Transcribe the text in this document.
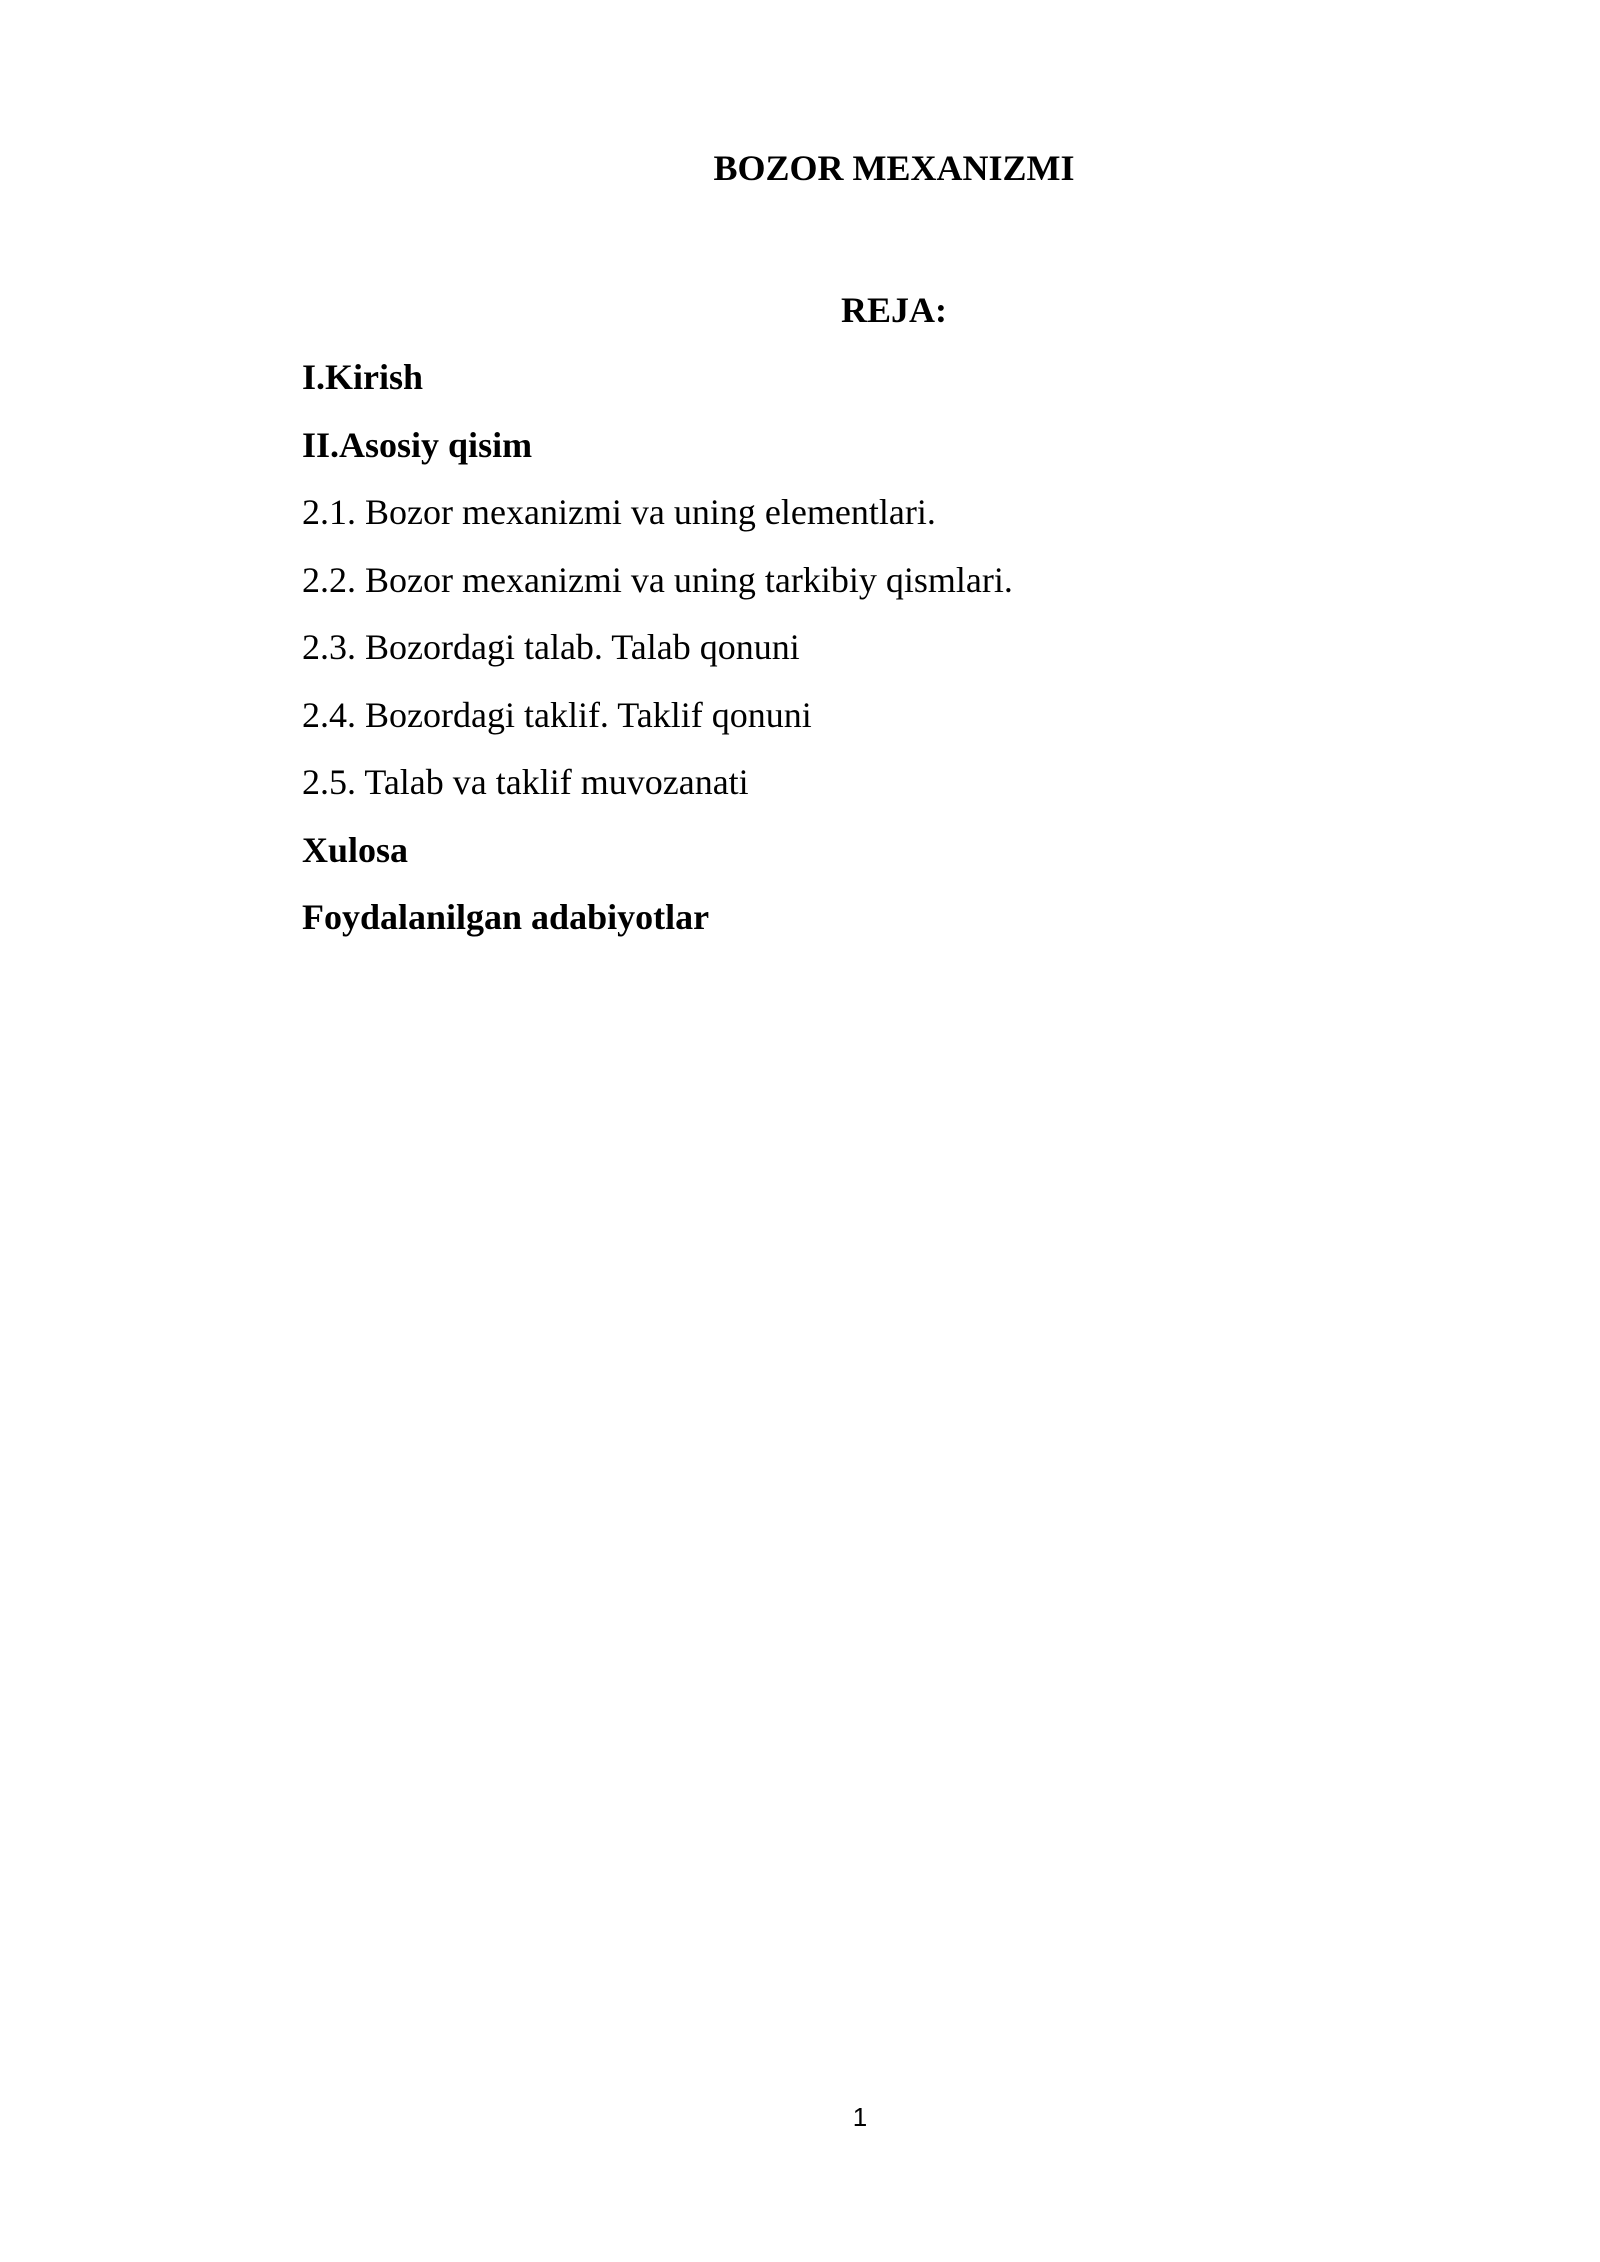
BOZOR MEXANIZMI
REJA:
I.Kirish
II.Asosiy qisim
2.1. Bozor mexanizmi va uning elementlari.
2.2. Bozor mexanizmi va uning tarkibiy qismlari.
2.3. Bozordagi talab. Talab qonuni
2.4. Bozordagi taklif. Taklif qonuni
2.5. Talab va taklif muvozanati
Xulosa
Foydalanilgan adabiyotlar
1
